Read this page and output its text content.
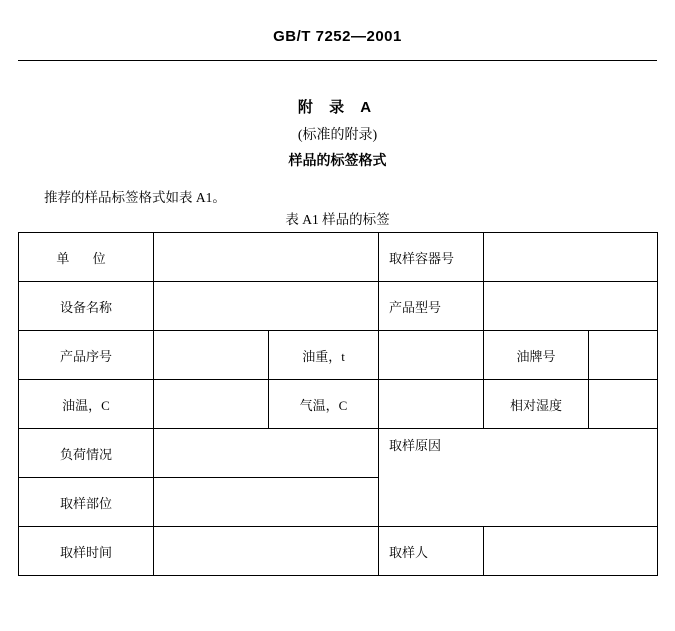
GB/T 7252—2001
附 录 A
(标准的附录)
样品的标签格式
推荐的样品标签格式如表 A1。
表 A1 样品的标签
单 位			取样容器号		
设备名称			产品型号		
产品序号		油重，t		油牌号	
油温，C		气温，C		相对湿度	
负荷情况			取样原因		
取样部位					
取样时间			取样人		
